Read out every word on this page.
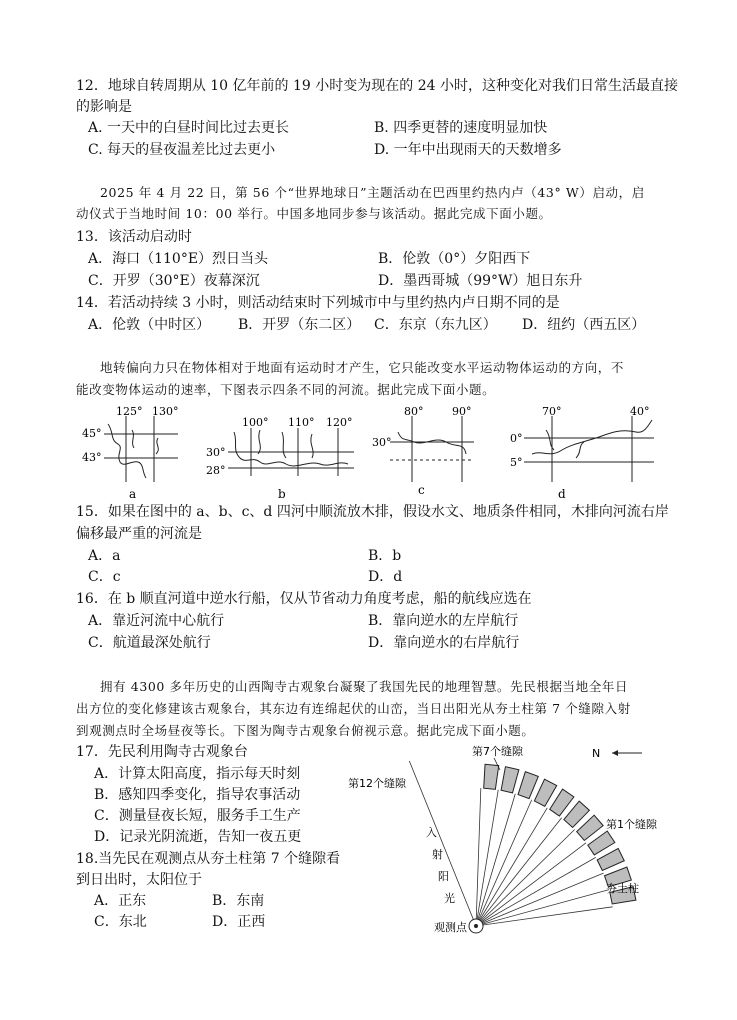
12．地球自转周期从 10 亿年前的 19 小时变为现在的 24 小时，这种变化对我们日常生活最直接
的影响是
A. 一天中的白昼时间比过去更长	B. 四季更替的速度明显加快
C. 每天的昼夜温差比过去更小	D. 一年中出现雨天的天数增多
2025 年 4 月 22 日，第 56 个“世界地球日”主题活动在巴西里约热内卢（43° W）启动，启
动仪式于当地时间 10：00 举行。中国多地同步参与该活动。据此完成下面小题。
13．该活动启动时
A．海口（110°E）烈日当头	B．伦敦（0°）夕阳西下
C．开罗（30°E）夜幕深沉	D．墨西哥城（99°W）旭日东升
14．若活动持续 3 小时，则活动结束时下列城市中与里约热内卢日期不同的是
A．伦敦（中时区） B．开罗（东二区） C．东京（东九区） D．纽约（西五区）
地转偏向力只在物体相对于地面有运动时才产生，它只能改变水平运动物体运动的方向，不
能改变物体运动的速率，下图表示四条不同的河流。据此完成下面小题。
125° 130°
45°
43°
a
100° 110° 120°
30°
28°
b
80°	90°
30°
c
70°	40°
0°
5°
d
15．如果在图中的 a、b、c、d 四河中顺流放木排，假设水文、地质条件相同，木排向河流右岸
偏移最严重的河流是
A．a	B．b
C．c	D．d
16．在 b 顺直河道中逆水行船，仅从节省动力角度考虑，船的航线应选在
A．靠近河流中心航行	B．靠向逆水的左岸航行
C．航道最深处航行	D．靠向逆水的右岸航行
拥有 4300 多年历史的山西陶寺古观象台凝聚了我国先民的地理智慧。先民根据当地全年日
出方位的变化修建该古观象台，其东边有连绵起伏的山峦，当日出阳光从夯土柱第 7 个缝隙入射
到观测点时全场昼夜等长。下图为陶寺古观象台俯视示意。据此完成下面小题。
17．先民利用陶寺古观象台
A．计算太阳高度，指示每天时刻
B．感知四季变化，指导农事活动
C．测量昼夜长短，服务手工生产
D．记录光阴流逝，告知一夜五更
18.当先民在观测点从夯土柱第 7 个缝隙看
到日出时，太阳位于
A．正东	B．东南
C．东北	D．正西
N
第7个缝隙
第12个缝隙
第1个缝隙
夯土柱
观测点
入
射
阳
光
